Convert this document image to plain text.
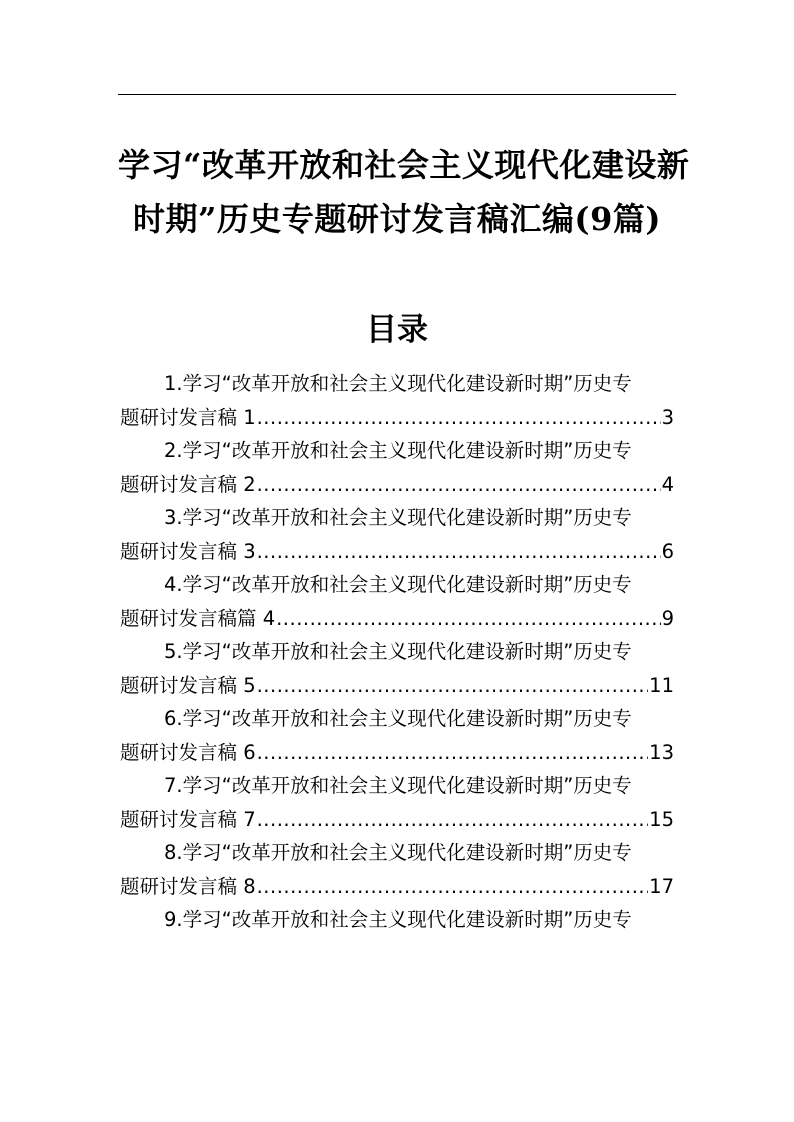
学习“改革开放和社会主义现代化建设新
时期”历史专题研讨发言稿汇编(9篇)
目录
1.学习“改革开放和社会主义现代化建设新时期”历史专
题研讨发言稿 1 .....	3
2.学习“改革开放和社会主义现代化建设新时期”历史专
题研讨发言稿 2 .....	4
3.学习“改革开放和社会主义现代化建设新时期”历史专
题研讨发言稿 3 .....	6
4.学习“改革开放和社会主义现代化建设新时期”历史专
题研讨发言稿篇 4 .....	9
5.学习“改革开放和社会主义现代化建设新时期”历史专
题研讨发言稿 5 .....	11
6.学习“改革开放和社会主义现代化建设新时期”历史专
题研讨发言稿 6 .....	13
7.学习“改革开放和社会主义现代化建设新时期”历史专
题研讨发言稿 7 .....	15
8.学习“改革开放和社会主义现代化建设新时期”历史专
题研讨发言稿 8 .....	17
9.学习“改革开放和社会主义现代化建设新时期”历史专
